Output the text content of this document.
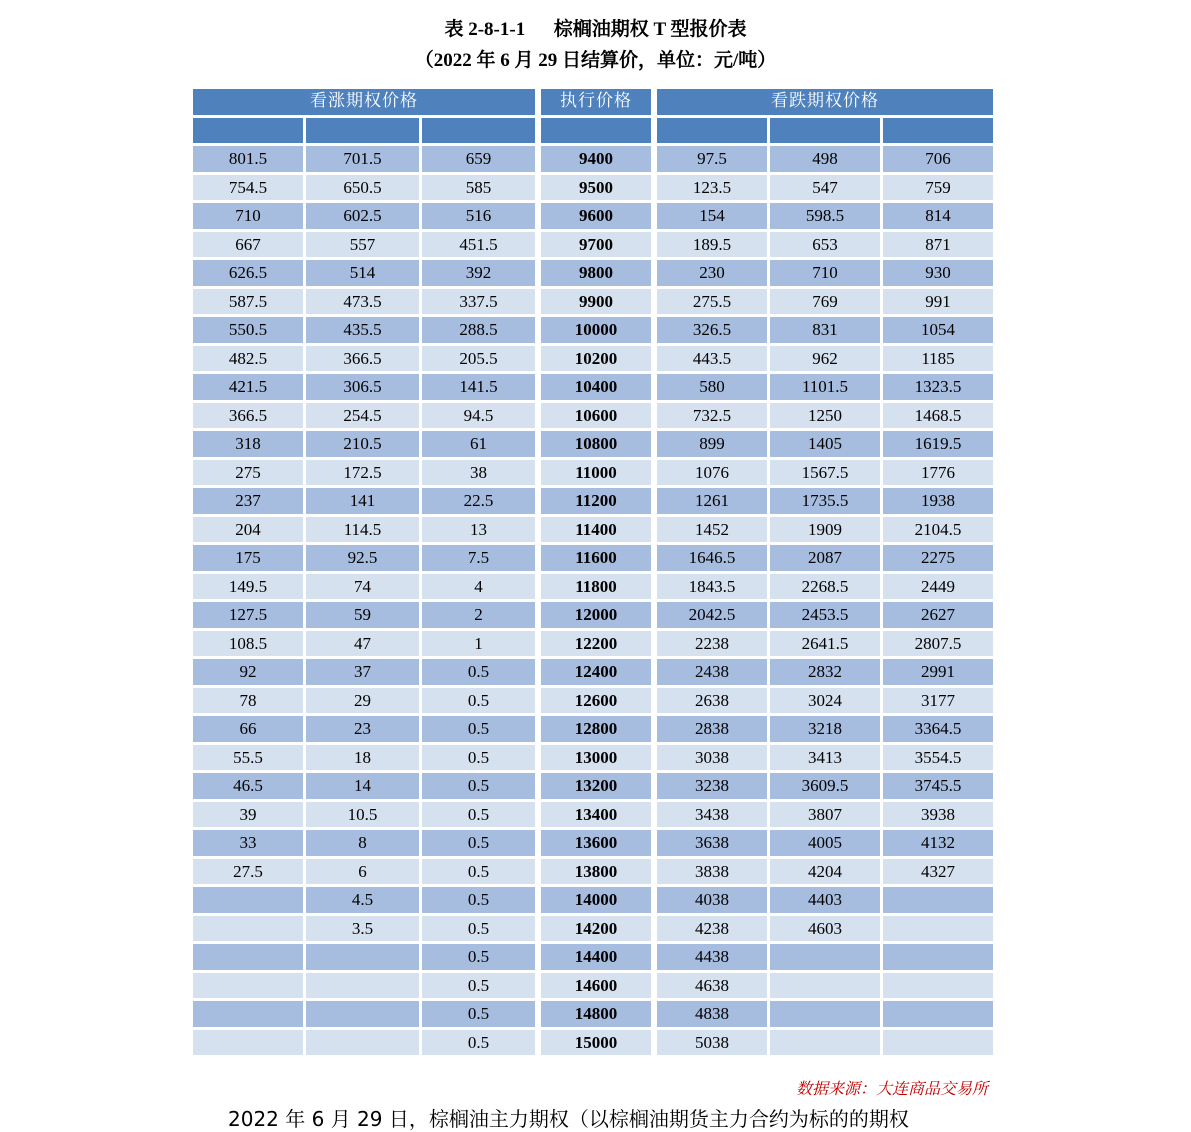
表 2-8-1-1      棕榈油期权 T 型报价表
（2022 年 6 月 29 日结算价，单位：元/吨）
看涨期权价格				执行价格		看跌期权价格		

801.5	701.5	659		9400		97.5	498	706
754.5	650.5	585		9500		123.5	547	759
710	602.5	516		9600		154	598.5	814
667	557	451.5		9700		189.5	653	871
626.5	514	392		9800		230	710	930
587.5	473.5	337.5		9900		275.5	769	991
550.5	435.5	288.5		10000		326.5	831	1054
482.5	366.5	205.5		10200		443.5	962	1185
421.5	306.5	141.5		10400		580	1101.5	1323.5
366.5	254.5	94.5		10600		732.5	1250	1468.5
318	210.5	61		10800		899	1405	1619.5
275	172.5	38		11000		1076	1567.5	1776
237	141	22.5		11200		1261	1735.5	1938
204	114.5	13		11400		1452	1909	2104.5
175	92.5	7.5		11600		1646.5	2087	2275
149.5	74	4		11800		1843.5	2268.5	2449
127.5	59	2		12000		2042.5	2453.5	2627
108.5	47	1		12200		2238	2641.5	2807.5
92	37	0.5		12400		2438	2832	2991
78	29	0.5		12600		2638	3024	3177
66	23	0.5		12800		2838	3218	3364.5
55.5	18	0.5		13000		3038	3413	3554.5
46.5	14	0.5		13200		3238	3609.5	3745.5
39	10.5	0.5		13400		3438	3807	3938
33	8	0.5		13600		3638	4005	4132
27.5	6	0.5		13800		3838	4204	4327
	4.5	0.5		14000		4038	4403	
	3.5	0.5		14200		4238	4603	
		0.5		14400		4438		
		0.5		14600		4638		
		0.5		14800		4838		
		0.5		15000		5038		
数据来源：大连商品交易所
2022 年 6 月 29 日，棕榈油主力期权（以棕榈油期货主力合约为标的的期权
